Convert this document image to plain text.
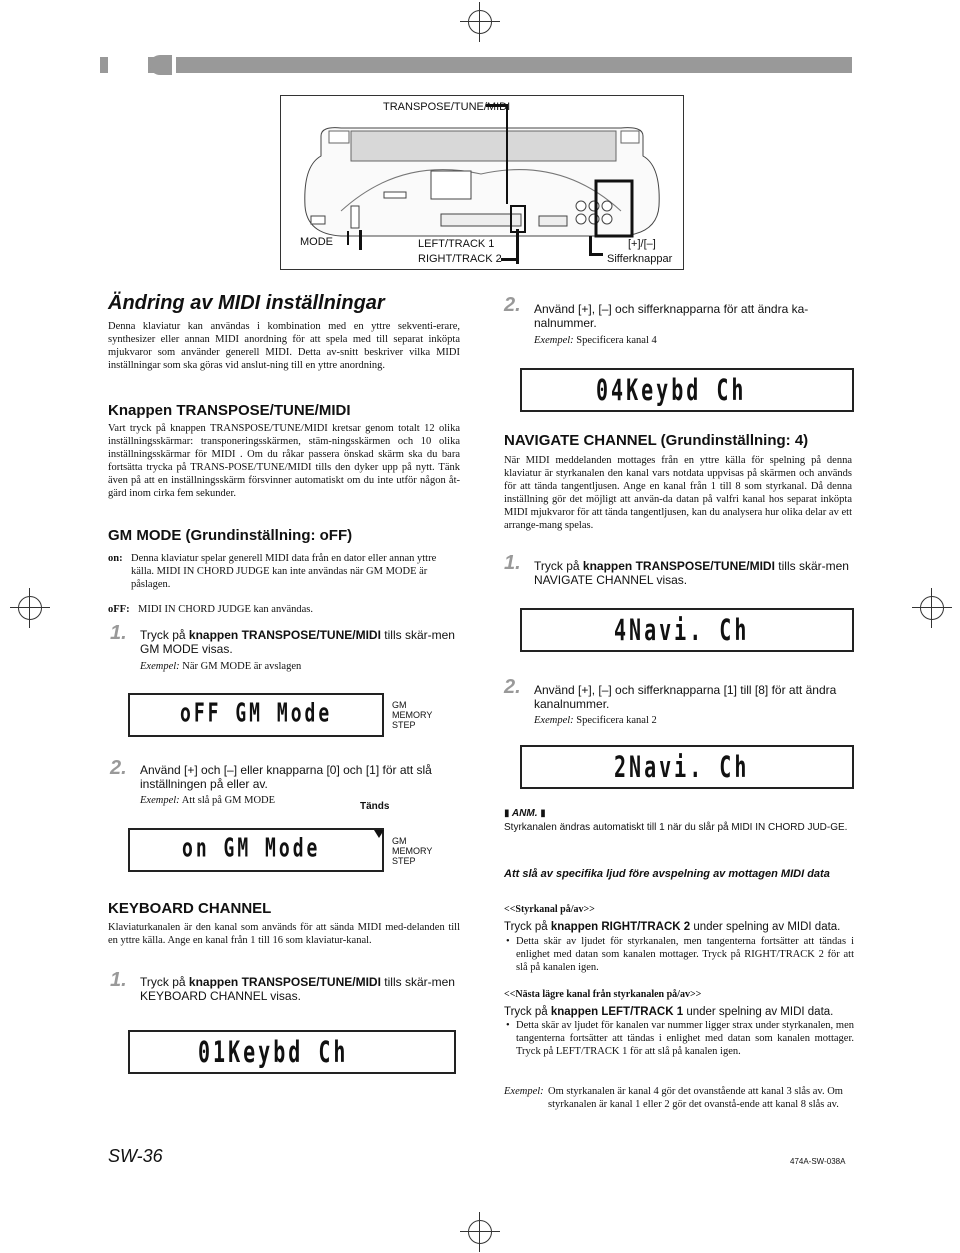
TRANSPOSE/TUNE/MIDI
MODE	LEFT/TRACK 1
RIGHT/TRACK 2
[+]/[–]
Sifferknappar
Ändring av MIDI inställningar
Denna klaviatur kan användas i kombination med en yttre sekventi-erare, synthesizer eller annan MIDI anordning för att spela med till separat inköpta mjukvaror som använder generell MIDI. Detta av-snitt beskriver vilka MIDI inställningar som ska göras vid anslut-ning till en yttre anordning.
Knappen TRANSPOSE/TUNE/MIDI
Vart tryck på knappen TRANSPOSE/TUNE/MIDI kretsar genom totalt 12 olika inställningsskärmar: transponeringsskärmen, stäm-ningsskärmen och 10 olika inställningsskärmar för MIDI . Om du råkar passera önskad skärm ska du bara fortsätta trycka på TRANS-POSE/TUNE/MIDI tills den dyker upp på nytt. Tänk även på att en inställningsskärm försvinner automatiskt om du inte utför någon åt-gärd inom cirka fem sekunder.
GM MODE (Grundinställning: oFF)
on: Denna klaviatur spelar generell MIDI data från en dator eller annan yttre källa. MIDI IN CHORD JUDGE kan inte användas när GM MODE är påslagen.
oFF: MIDI IN CHORD JUDGE kan användas.
1. Tryck på knappen TRANSPOSE/TUNE/MIDI tills skär-men GM MODE visas.
Exempel: När GM MODE är avslagen
oFF GM Mode	GM
MEMORY
STEP
2. Använd [+] och [–] eller knapparna [0] och [1] för att slå inställningen på eller av.
Exempel: Att slå på GM MODE
Tänds
on GM Mode	GM
MEMORY
STEP
KEYBOARD CHANNEL
Klaviaturkanalen är den kanal som används för att sända MIDI med-delanden till en yttre källa. Ange en kanal från 1 till 16 som klaviatur-kanal.
1. Tryck på knappen TRANSPOSE/TUNE/MIDI tills skär-men KEYBOARD CHANNEL visas.
01Keybd Ch
SW-36
2. Använd [+], [–] och sifferknapparna för att ändra ka-nalnummer.
Exempel: Specificera kanal 4
04Keybd Ch
NAVIGATE CHANNEL (Grundinställning: 4)
När MIDI meddelanden mottages från en yttre källa för spelning på denna klaviatur är styrkanalen den kanal vars notdata uppvisas på skärmen och används för att tända tangentljusen. Ange en kanal från 1 till 8 som styrkanal. Då denna inställning gör det möjligt att använ-da datan på valfri kanal hos separat inköpta MIDI mjukvaror för att tända tangentljusen, kan du analysera hur olika delar av ett arrange-mang spelas.
1. Tryck på knappen TRANSPOSE/TUNE/MIDI tills skär-men NAVIGATE CHANNEL visas.
4Navi. Ch
2. Använd [+], [–] och sifferknapparna [1] till [8] för att ändra kanalnummer.
Exempel: Specificera kanal 2
2Navi. Ch
▮ ANM. ▮
Styrkanalen ändras automatiskt till 1 när du slår på MIDI IN CHORD JUD-GE.
Att slå av specifika ljud före avspelning av mottagen MIDI data
<<Styrkanal på/av>>
Tryck på knappen RIGHT/TRACK 2 under spelning av MIDI data.
• Detta skär av ljudet för styrkanalen, men tangenterna fortsätter att tändas i enlighet med datan som kanalen mottager. Tryck på RIGHT/TRACK 2 för att slå på kanalen igen.
<<Nästa lägre kanal från styrkanalen på/av>>
Tryck på knappen LEFT/TRACK 1 under spelning av MIDI data.
• Detta skär av ljudet för kanalen var nummer ligger strax under styrkanalen, men tangenterna fortsätter att tändas i enlighet med datan som kanalen mottager. Tryck på LEFT/TRACK 1 för att slå på kanalen igen.
Exempel: Om styrkanalen är kanal 4 gör det ovanstående att kanal 3 slås av. Om styrkanalen är kanal 1 eller 2 gör det ovanstå-ende att kanal 8 slås av.
474A-SW-038A
